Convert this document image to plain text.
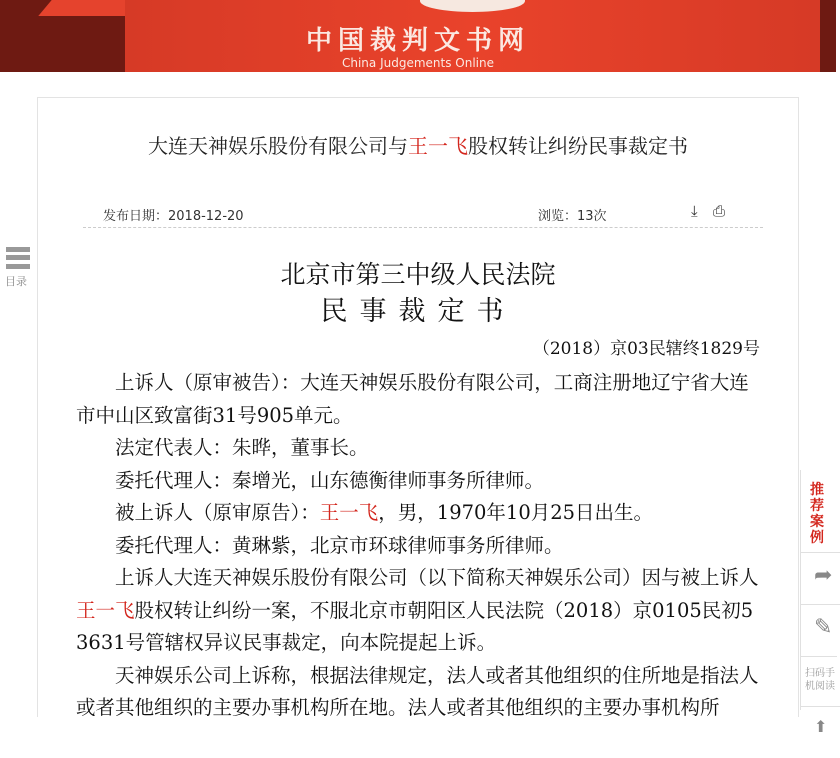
中国裁判文书网
China Judgements Online
大连天神娱乐股份有限公司与王一飞股权转让纠纷民事裁定书
发布日期：2018-12-20	浏览：13次	⤓ ⎙
目录	北京市第三中级人民法院
民事裁定书
（2018）京03民辖终1829号

上诉人（原审被告）：大连天神娱乐股份有限公司，工商注册地辽宁省大连市中山区致富街31号905单元。

法定代表人：朱晔，董事长。

委托代理人：秦增光，山东德衡律师事务所律师。

被上诉人（原审原告）：王一飞，男，1970年10月25日出生。

委托代理人：黄琳紫，北京市环球律师事务所律师。

上诉人大连天神娱乐股份有限公司（以下简称天神娱乐公司）因与被上诉人王一飞股权转让纠纷一案，不服北京市朝阳区人民法院（2018）京0105民初53631号管辖权异议民事裁定，向本院提起上诉。

天神娱乐公司上诉称，根据法律规定，法人或者其他组织的住所地是指法人或者其他组织的主要办事机构所在地。法人或者其他组织的主要办事机构所

推荐案例
➦
✎
扫码手机阅读
⬆
